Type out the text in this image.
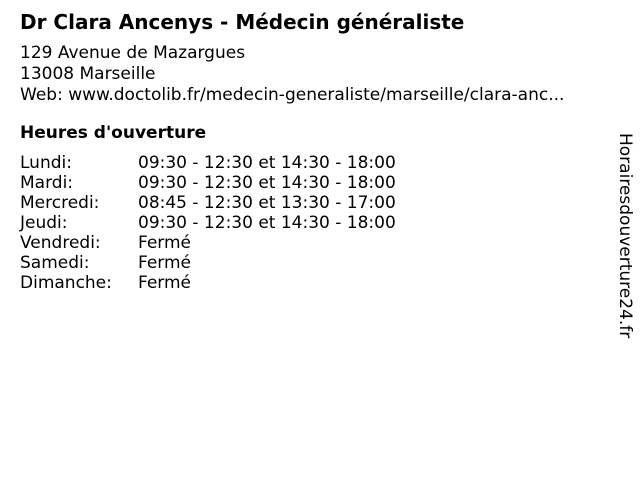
Dr Clara Ancenys - Médecin généraliste
129 Avenue de Mazargues
13008 Marseille
Web: www.doctolib.fr/medecin-generaliste/marseille/clara-anc...
Heures d'ouverture
Lundi:	09:30 - 12:30 et 14:30 - 18:00
Mardi:	09:30 - 12:30 et 14:30 - 18:00
Mercredi: 08:45 - 12:30 et 13:30 - 17:00
Jeudi:	09:30 - 12:30 et 14:30 - 18:00
Vendredi: Fermé
Samedi:	Fermé
Dimanche: Fermé	Horairesdouverture24.fr
